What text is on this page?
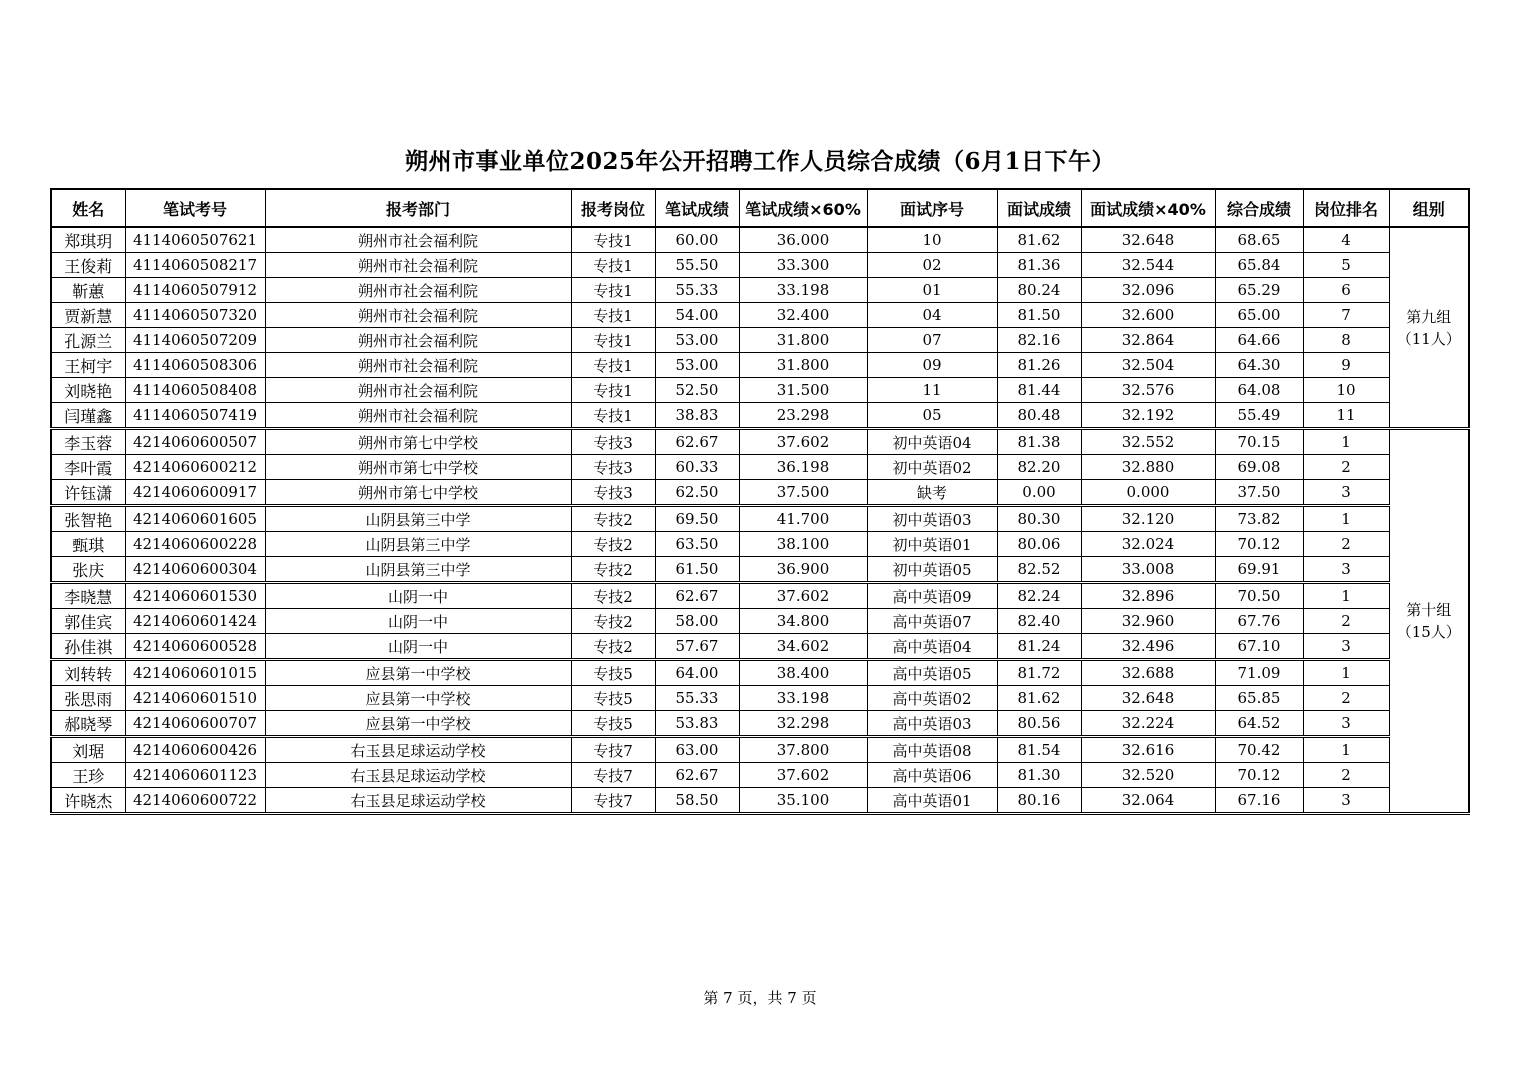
朔州市事业单位2025年公开招聘工作人员综合成绩（6月1日下午）
姓名	笔试考号	报考部门	报考岗位	笔试成绩	笔试成绩×60%	面试序号	面试成绩	面试成绩×40%	综合成绩	岗位排名	组别
郑琪玥	4114060507621	朔州市社会福利院	专技1	60.00	36.000	10	81.62	32.648	68.65	4	第九组
（11人）

王俊莉	4114060508217	朔州市社会福利院	专技1	55.50	33.300	02	81.36	32.544	65.84	5	
靳蕙	4114060507912	朔州市社会福利院	专技1	55.33	33.198	01	80.24	32.096	65.29	6	
贾新慧	4114060507320	朔州市社会福利院	专技1	54.00	32.400	04	81.50	32.600	65.00	7	
孔源兰	4114060507209	朔州市社会福利院	专技1	53.00	31.800	07	82.16	32.864	64.66	8	
王柯宇	4114060508306	朔州市社会福利院	专技1	53.00	31.800	09	81.26	32.504	64.30	9	
刘晓艳	4114060508408	朔州市社会福利院	专技1	52.50	31.500	11	81.44	32.576	64.08	10	
闫瑾鑫	4114060507419	朔州市社会福利院	专技1	38.83	23.298	05	80.48	32.192	55.49	11	
李玉蓉	4214060600507	朔州市第七中学校	专技3	62.67	37.602	初中英语04	81.38	32.552	70.15	1	第十组
（15人）

李叶霞	4214060600212	朔州市第七中学校	专技3	60.33	36.198	初中英语02	82.20	32.880	69.08	2	
许钰潇	4214060600917	朔州市第七中学校	专技3	62.50	37.500	缺考	0.00	0.000	37.50	3	
张智艳	4214060601605	山阴县第三中学	专技2	69.50	41.700	初中英语03	80.30	32.120	73.82	1	
甄琪	4214060600228	山阴县第三中学	专技2	63.50	38.100	初中英语01	80.06	32.024	70.12	2	
张庆	4214060600304	山阴县第三中学	专技2	61.50	36.900	初中英语05	82.52	33.008	69.91	3	
李晓慧	4214060601530	山阴一中	专技2	62.67	37.602	高中英语09	82.24	32.896	70.50	1	
郭佳宾	4214060601424	山阴一中	专技2	58.00	34.800	高中英语07	82.40	32.960	67.76	2	
孙佳祺	4214060600528	山阴一中	专技2	57.67	34.602	高中英语04	81.24	32.496	67.10	3	
刘转转	4214060601015	应县第一中学校	专技5	64.00	38.400	高中英语05	81.72	32.688	71.09	1	
张思雨	4214060601510	应县第一中学校	专技5	55.33	33.198	高中英语02	81.62	32.648	65.85	2	
郝晓琴	4214060600707	应县第一中学校	专技5	53.83	32.298	高中英语03	80.56	32.224	64.52	3	
刘琚	4214060600426	右玉县足球运动学校	专技7	63.00	37.800	高中英语08	81.54	32.616	70.42	1	
王珍	4214060601123	右玉县足球运动学校	专技7	62.67	37.602	高中英语06	81.30	32.520	70.12	2	
许晓杰	4214060600722	右玉县足球运动学校	专技7	58.50	35.100	高中英语01	80.16	32.064	67.16	3	
第 7 页，共 7 页
